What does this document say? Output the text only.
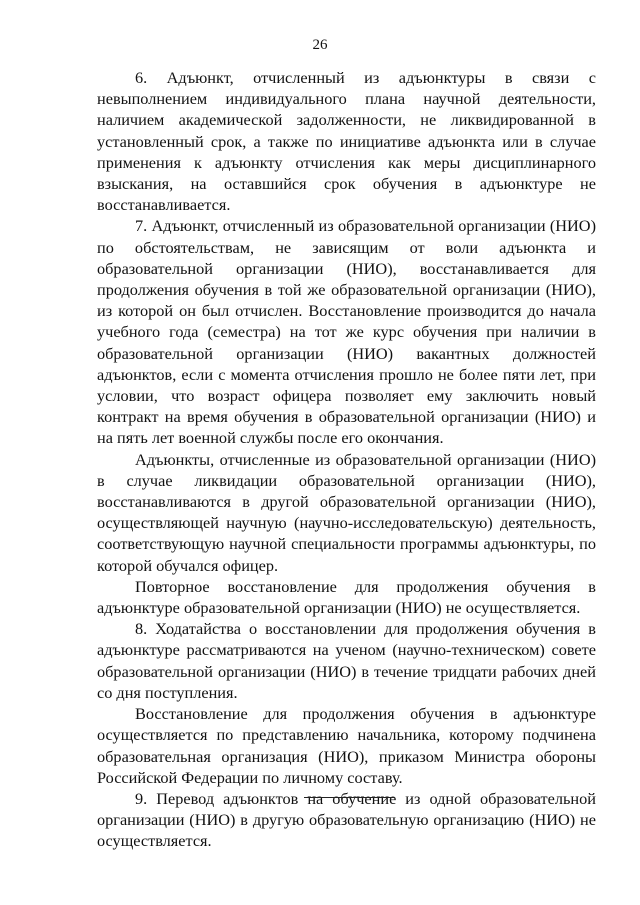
26

6. Адъюнкт, отчисленный из адъюнктуры в связи с невыполнением индивидуального плана научной деятельности, наличием академической задолженности, не ликвидированной в установленный срок, а также по инициативе адъюнкта или в случае применения к адъюнкту отчисления как меры дисциплинарного взыскания, на оставшийся срок обучения в адъюнктуре не восстанавливается.

7. Адъюнкт, отчисленный из образовательной организации (НИО) по обстоятельствам, не зависящим от воли адъюнкта и образовательной организации (НИО), восстанавливается для продолжения обучения в той же образовательной организации (НИО), из которой он был отчислен. Восстановление производится до начала учебного года (семестра) на тот же курс обучения при наличии в образовательной организации (НИО) вакантных должностей адъюнктов, если с момента отчисления прошло не более пяти лет, при условии, что возраст офицера позволяет ему заключить новый контракт на время обучения в образовательной организации (НИО) и на пять лет военной службы после его окончания.

Адъюнкты, отчисленные из образовательной организации (НИО) в случае ликвидации образовательной организации (НИО), восстанавливаются в другой образовательной организации (НИО), осуществляющей научную (научно-исследовательскую) деятельность, соответствующую научной специальности программы адъюнктуры, по которой обучался офицер.

Повторное восстановление для продолжения обучения в адъюнктуре образовательной организации (НИО) не осуществляется.

8. Ходатайства о восстановлении для продолжения обучения в адъюнктуре рассматриваются на ученом (научно-техническом) совете образовательной организации (НИО) в течение тридцати рабочих дней со дня поступления.

Восстановление для продолжения обучения в адъюнктуре осуществляется по представлению начальника, которому подчинена образовательная организация (НИО), приказом Министра обороны Российской Федерации по личному составу.

9. Перевод адъюнктов на обучение из одной образовательной организации (НИО) в другую образовательную организацию (НИО) не осуществляется.
